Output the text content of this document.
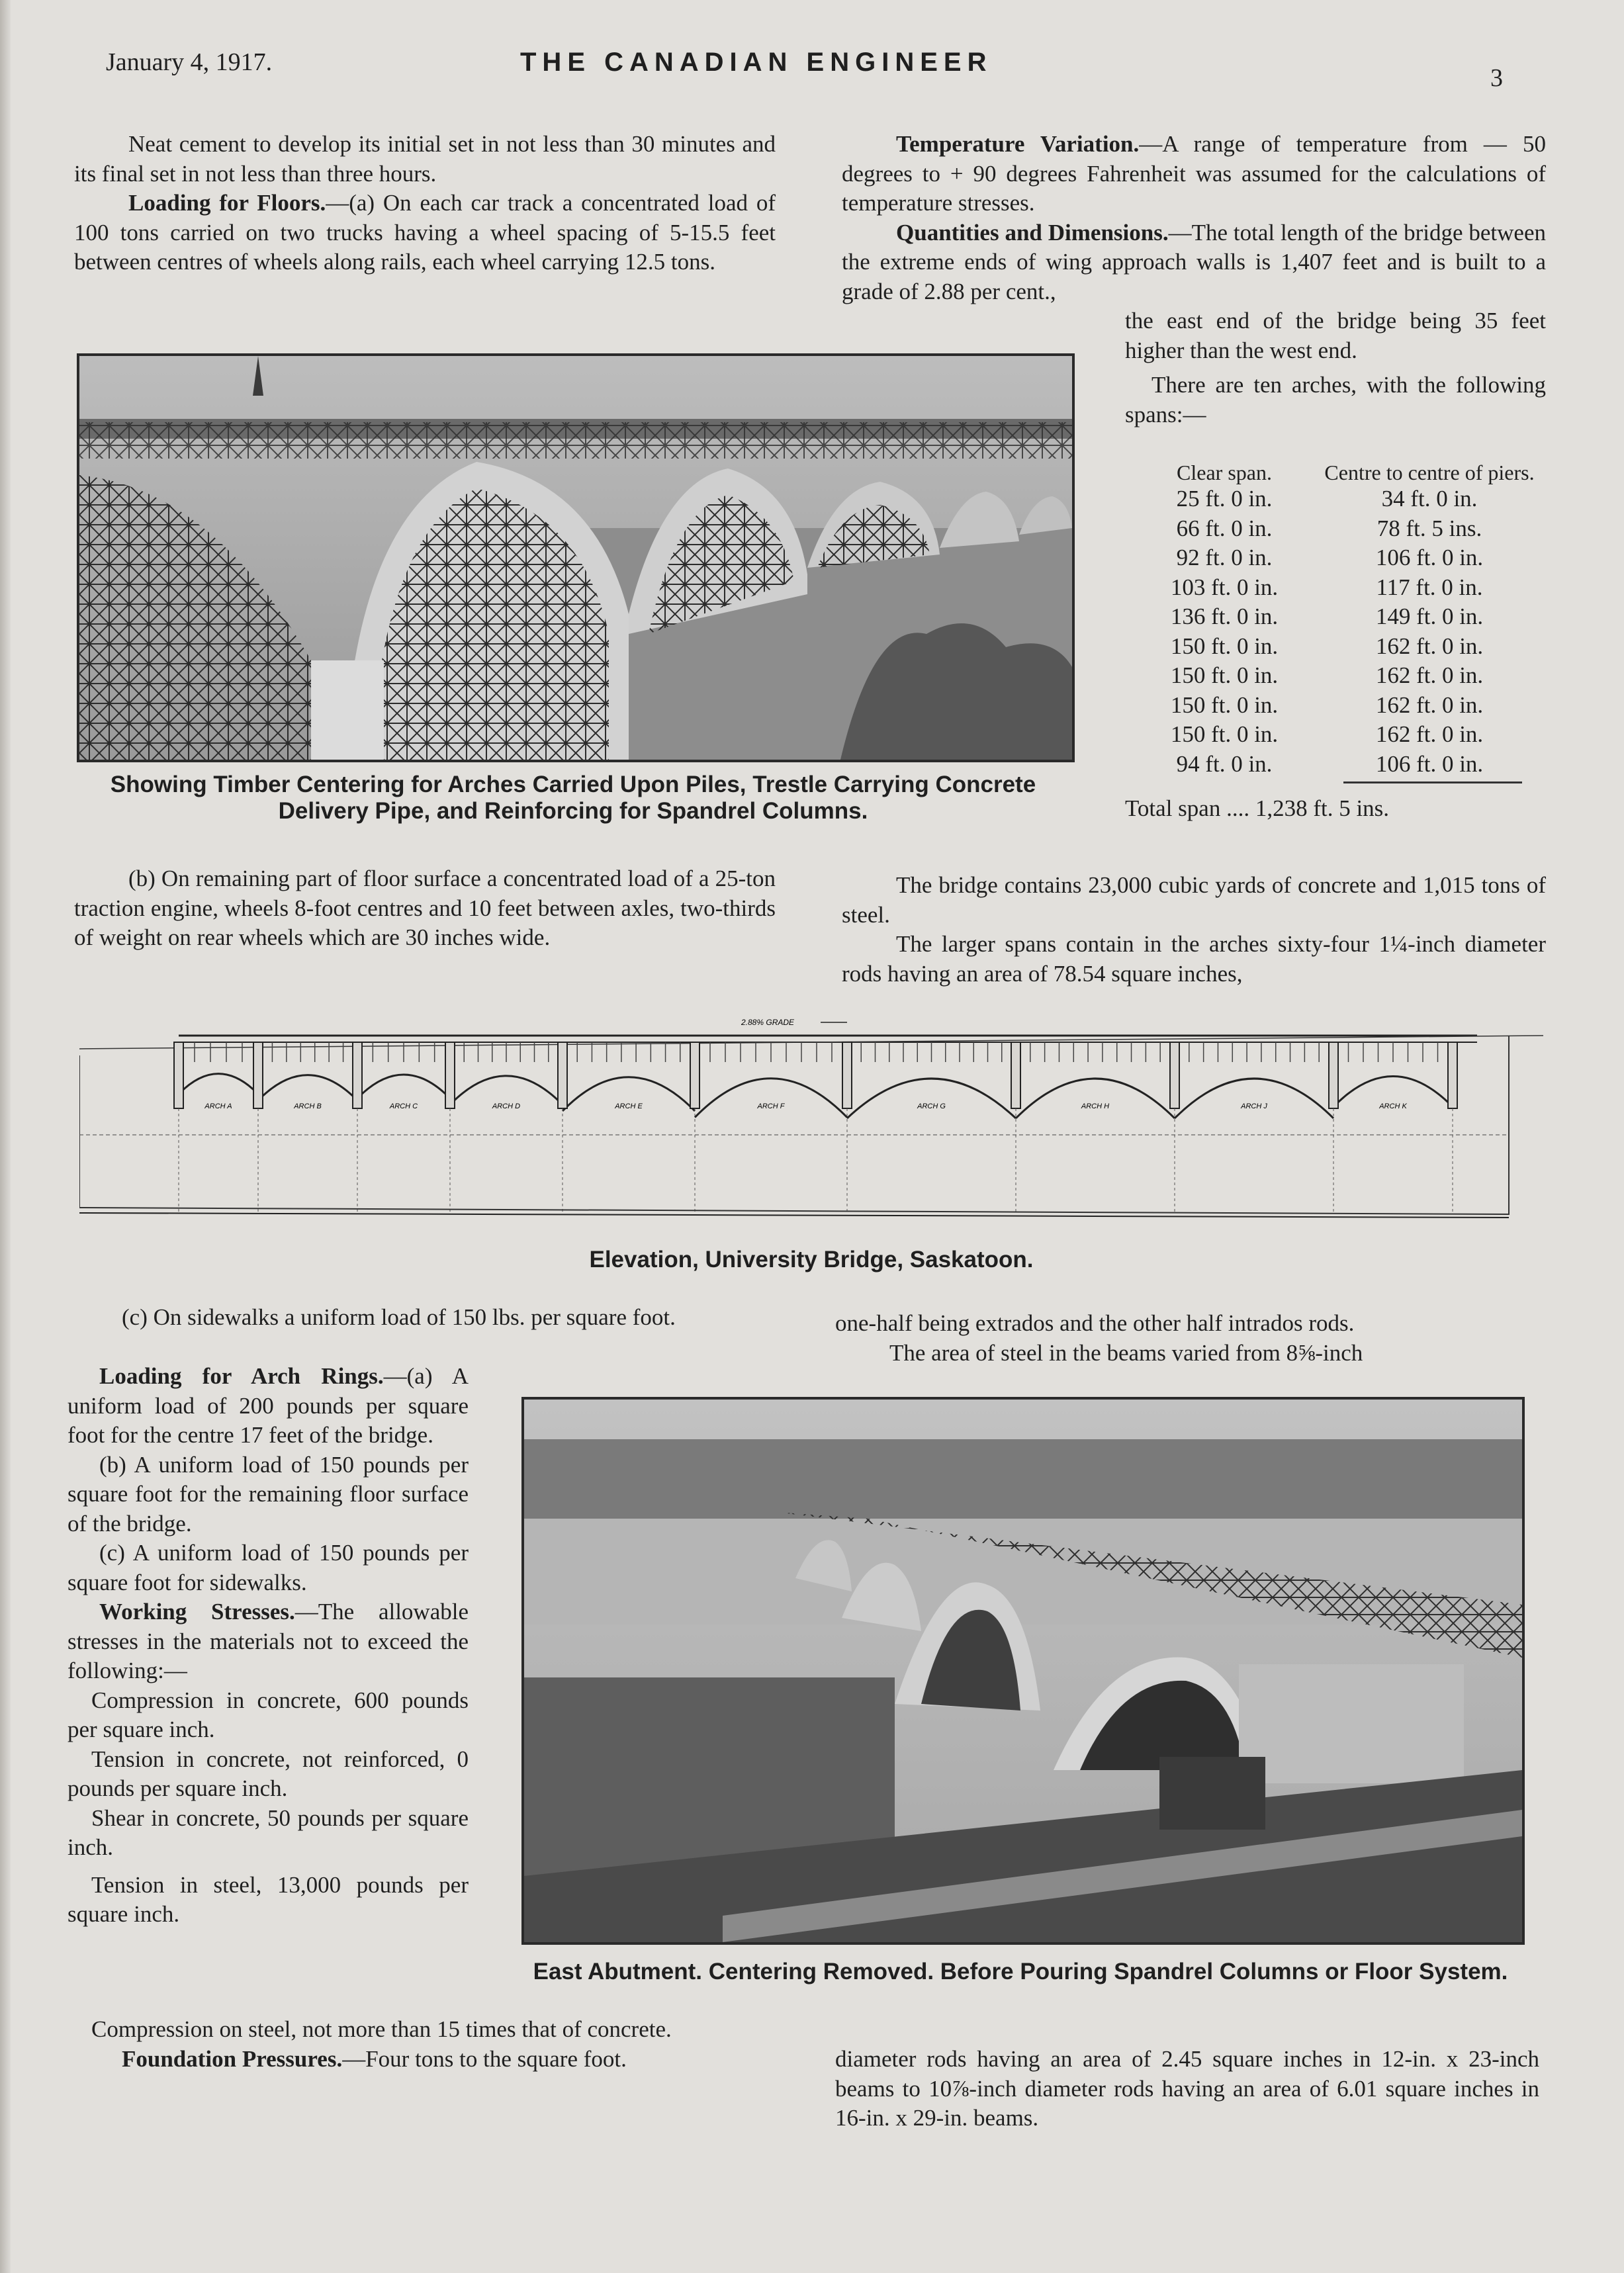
January 4, 1917.	THE CANADIAN ENGINEER
3

Neat cement to develop its initial set in not less than 30 minutes and its final set in not less than three hours.

Loading for Floors.—(a) On each car track a concentrated load of 100 tons carried on two trucks having a wheel spacing of 5-15.5 feet between centres of wheels along rails, each wheel carrying 12.5 tons.

Showing Timber Centering for Arches Carried Upon Piles, Trestle Carrying Concrete Delivery Pipe, and Reinforcing for Spandrel Columns.

Temperature Variation.—A range of temperature from — 50 degrees to + 90 degrees Fahrenheit was assumed for the calculations of temperature stresses.

Quantities and Dimensions.—The total length of the bridge between the extreme ends of wing approach walls is 1,407 feet and is built to a grade of 2.88 per cent.,

the east end of the bridge being 35 feet higher than the west end.

There are ten arches, with the following spans:—

Clear span.	Centre to centre of piers.
25 ft. 0 in.	34 ft. 0 in.
66 ft. 0 in.	78 ft. 5 ins.
92 ft. 0 in.	106 ft. 0 in.
103 ft. 0 in.	117 ft. 0 in.
136 ft. 0 in.	149 ft. 0 in.
150 ft. 0 in.	162 ft. 0 in.
150 ft. 0 in.	162 ft. 0 in.
150 ft. 0 in.	162 ft. 0 in.
150 ft. 0 in.	162 ft. 0 in.
94 ft. 0 in.	106 ft. 0 in.
Total span .... 1,238 ft. 5 ins.

(b) On remaining part of floor surface a concentrated load of a 25-ton traction engine, wheels 8-foot centres and 10 feet between axles, two-thirds of weight on rear wheels which are 30 inches wide.

The bridge contains 23,000 cubic yards of concrete and 1,015 tons of steel.

The larger spans contain in the arches sixty-four 1¼-inch diameter rods having an area of 78.54 square inches,

2.88% GRADE
ARCH A	ARCH B	ARCH C	ARCH D	ARCH E	ARCH F	ARCH G	ARCH H	ARCH J	ARCH K
Elevation, University Bridge, Saskatoon.

(c) On sidewalks a uniform load of 150 lbs. per square foot.

Loading for Arch Rings.—(a) A uniform load of 200 pounds per square foot for the centre 17 feet of the bridge.

(b) A uniform load of 150 pounds per square foot for the remaining floor surface of the bridge.

(c) A uniform load of 150 pounds per square foot for sidewalks.

Working Stresses.—The allowable stresses in the materials not to exceed the following:—

Compression in concrete, 600 pounds per square inch.

Tension in concrete, not reinforced, 0 pounds per square inch.

Shear in concrete, 50 pounds per square inch.

Tension in steel, 13,000 pounds per square inch.

Compression on steel, not more than 15 times that of concrete.

Foundation Pressures.—Four tons to the square foot.

one-half being extrados and the other half intrados rods.

The area of steel in the beams varied from 8⅝-inch

East Abutment. Centering Removed. Before Pouring Spandrel Columns or Floor System.

diameter rods having an area of 2.45 square inches in 12-in. x 23-inch beams to 10⅞-inch diameter rods having an area of 6.01 square inches in 16-in. x 29-in. beams.
